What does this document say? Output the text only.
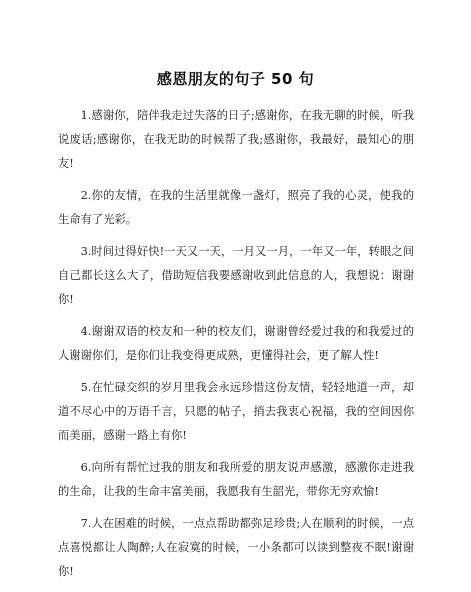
感恩朋友的句子 50 句

1.感谢你，陪伴我走过失落的日子;感谢你，在我无聊的时候，听我说废话;感谢你，在我无助的时候帮了我;感谢你，我最好，最知心的朋友!

2.你的友情，在我的生活里就像一盏灯，照亮了我的心灵，使我的生命有了光彩。

3.时间过得好快!一天又一天，一月又一月，一年又一年，转眼之间自己都长这么大了，借助短信我要感谢收到此信息的人，我想说：谢谢你!

4.谢谢双语的校友和一种的校友们，谢谢曾经爱过我的和我爱过的人谢谢你们，是你们让我变得更成熟，更懂得社会，更了解人性!

5.在忙碌交织的岁月里我会永远珍惜这份友情，轻轻地道一声，却道不尽心中的万语千言，只愿的帖子，捎去我衷心祝福，我的空间因你而美丽，感谢一路上有你!

6.向所有帮忙过我的朋友和我所爱的朋友说声感激，感激你走进我的生命，让我的生命丰富美丽，我愿我有生韶光，带你无穷欢愉!

7.人在困难的时候，一点点帮助都弥足珍贵;人在顺利的时候，一点点喜悦都让人陶醉;人在寂寞的时候，一小条都可以读到整夜不眠!谢谢你!
